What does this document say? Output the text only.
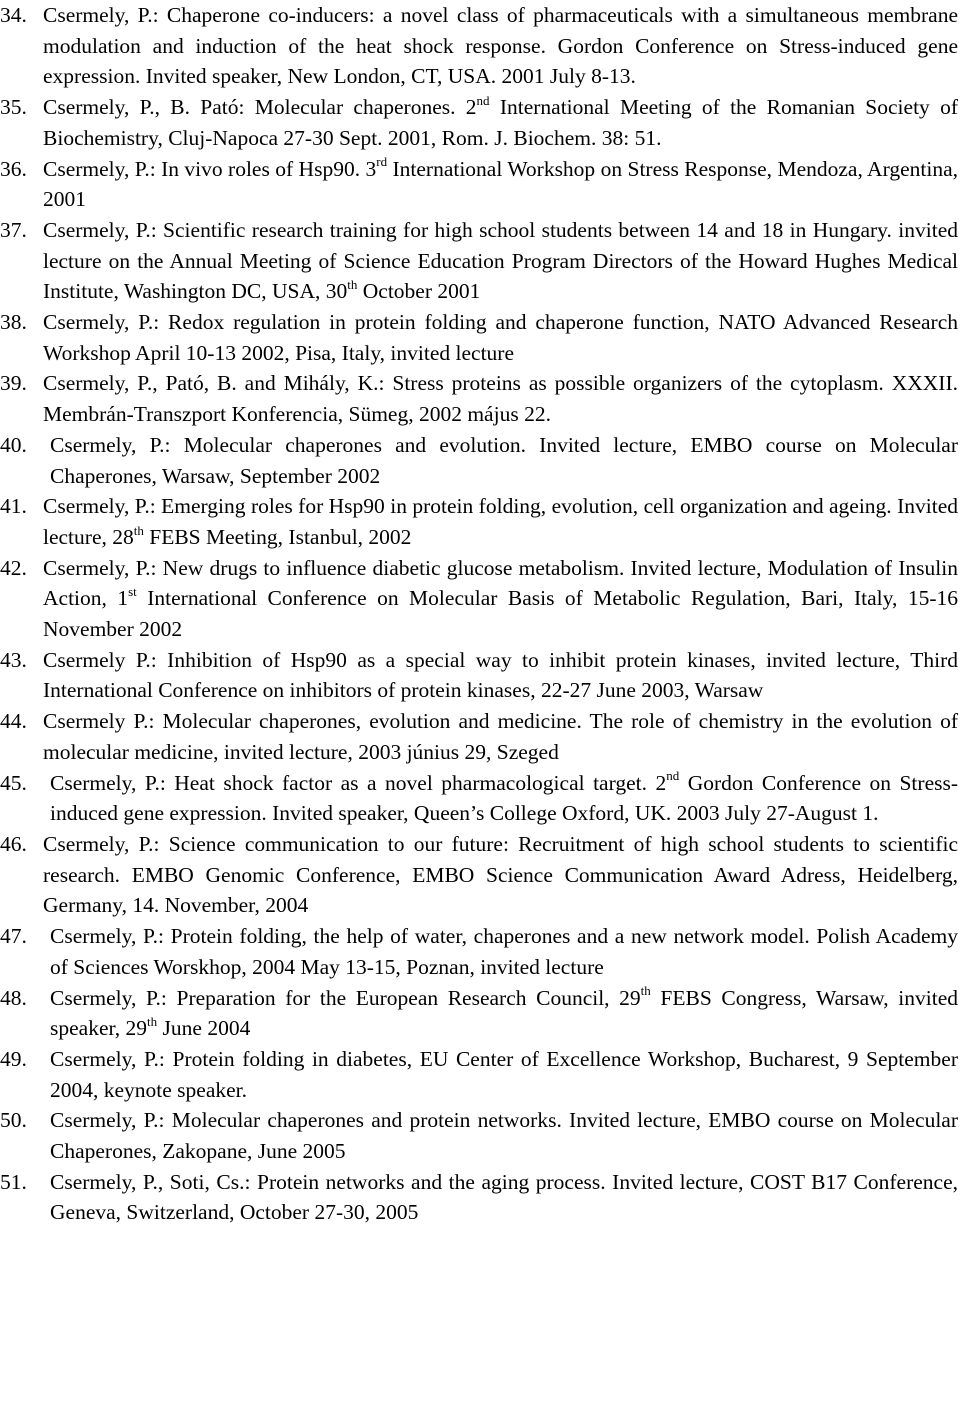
34. Csermely, P.: Chaperone co-inducers: a novel class of pharmaceuticals with a simultaneous membrane modulation and induction of the heat shock response. Gordon Conference on Stress-induced gene expression. Invited speaker, New London, CT, USA. 2001 July 8-13.
35. Csermely, P., B. Pató: Molecular chaperones. 2nd International Meeting of the Romanian Society of Biochemistry, Cluj-Napoca 27-30 Sept. 2001, Rom. J. Biochem. 38: 51.
36. Csermely, P.: In vivo roles of Hsp90. 3rd International Workshop on Stress Response, Mendoza, Argentina, 2001
37. Csermely, P.: Scientific research training for high school students between 14 and 18 in Hungary. invited lecture on the Annual Meeting of Science Education Program Directors of the Howard Hughes Medical Institute, Washington DC, USA, 30th October 2001
38. Csermely, P.: Redox regulation in protein folding and chaperone function, NATO Advanced Research Workshop April 10-13 2002, Pisa, Italy, invited lecture
39. Csermely, P., Pató, B. and Mihály, K.: Stress proteins as possible organizers of the cytoplasm. XXXII. Membrán-Transzport Konferencia, Sümeg, 2002 május 22.
40. Csermely, P.: Molecular chaperones and evolution. Invited lecture, EMBO course on Molecular Chaperones, Warsaw, September 2002
41. Csermely, P.: Emerging roles for Hsp90 in protein folding, evolution, cell organization and ageing. Invited lecture, 28th FEBS Meeting, Istanbul, 2002
42. Csermely, P.: New drugs to influence diabetic glucose metabolism. Invited lecture, Modulation of Insulin Action, 1st International Conference on Molecular Basis of Metabolic Regulation, Bari, Italy, 15-16 November 2002
43. Csermely P.: Inhibition of Hsp90 as a special way to inhibit protein kinases, invited lecture, Third International Conference on inhibitors of protein kinases, 22-27 June 2003, Warsaw
44. Csermely P.: Molecular chaperones, evolution and medicine. The role of chemistry in the evolution of molecular medicine, invited lecture, 2003 június 29, Szeged
45. Csermely, P.: Heat shock factor as a novel pharmacological target. 2nd Gordon Conference on Stress-induced gene expression. Invited speaker, Queen’s College Oxford, UK. 2003 July 27-August 1.
46. Csermely, P.: Science communication to our future: Recruitment of high school students to scientific research. EMBO Genomic Conference, EMBO Science Communication Award Adress, Heidelberg, Germany, 14. November, 2004
47. Csermely, P.: Protein folding, the help of water, chaperones and a new network model. Polish Academy of Sciences Worskhop, 2004 May 13-15, Poznan, invited lecture
48. Csermely, P.: Preparation for the European Research Council, 29th FEBS Congress, Warsaw, invited speaker, 29th June 2004
49. Csermely, P.: Protein folding in diabetes, EU Center of Excellence Workshop, Bucharest, 9 September 2004, keynote speaker.
50. Csermely, P.: Molecular chaperones and protein networks. Invited lecture, EMBO course on Molecular Chaperones, Zakopane, June 2005
51. Csermely, P., Soti, Cs.: Protein networks and the aging process. Invited lecture, COST B17 Conference, Geneva, Switzerland, October 27-30, 2005
